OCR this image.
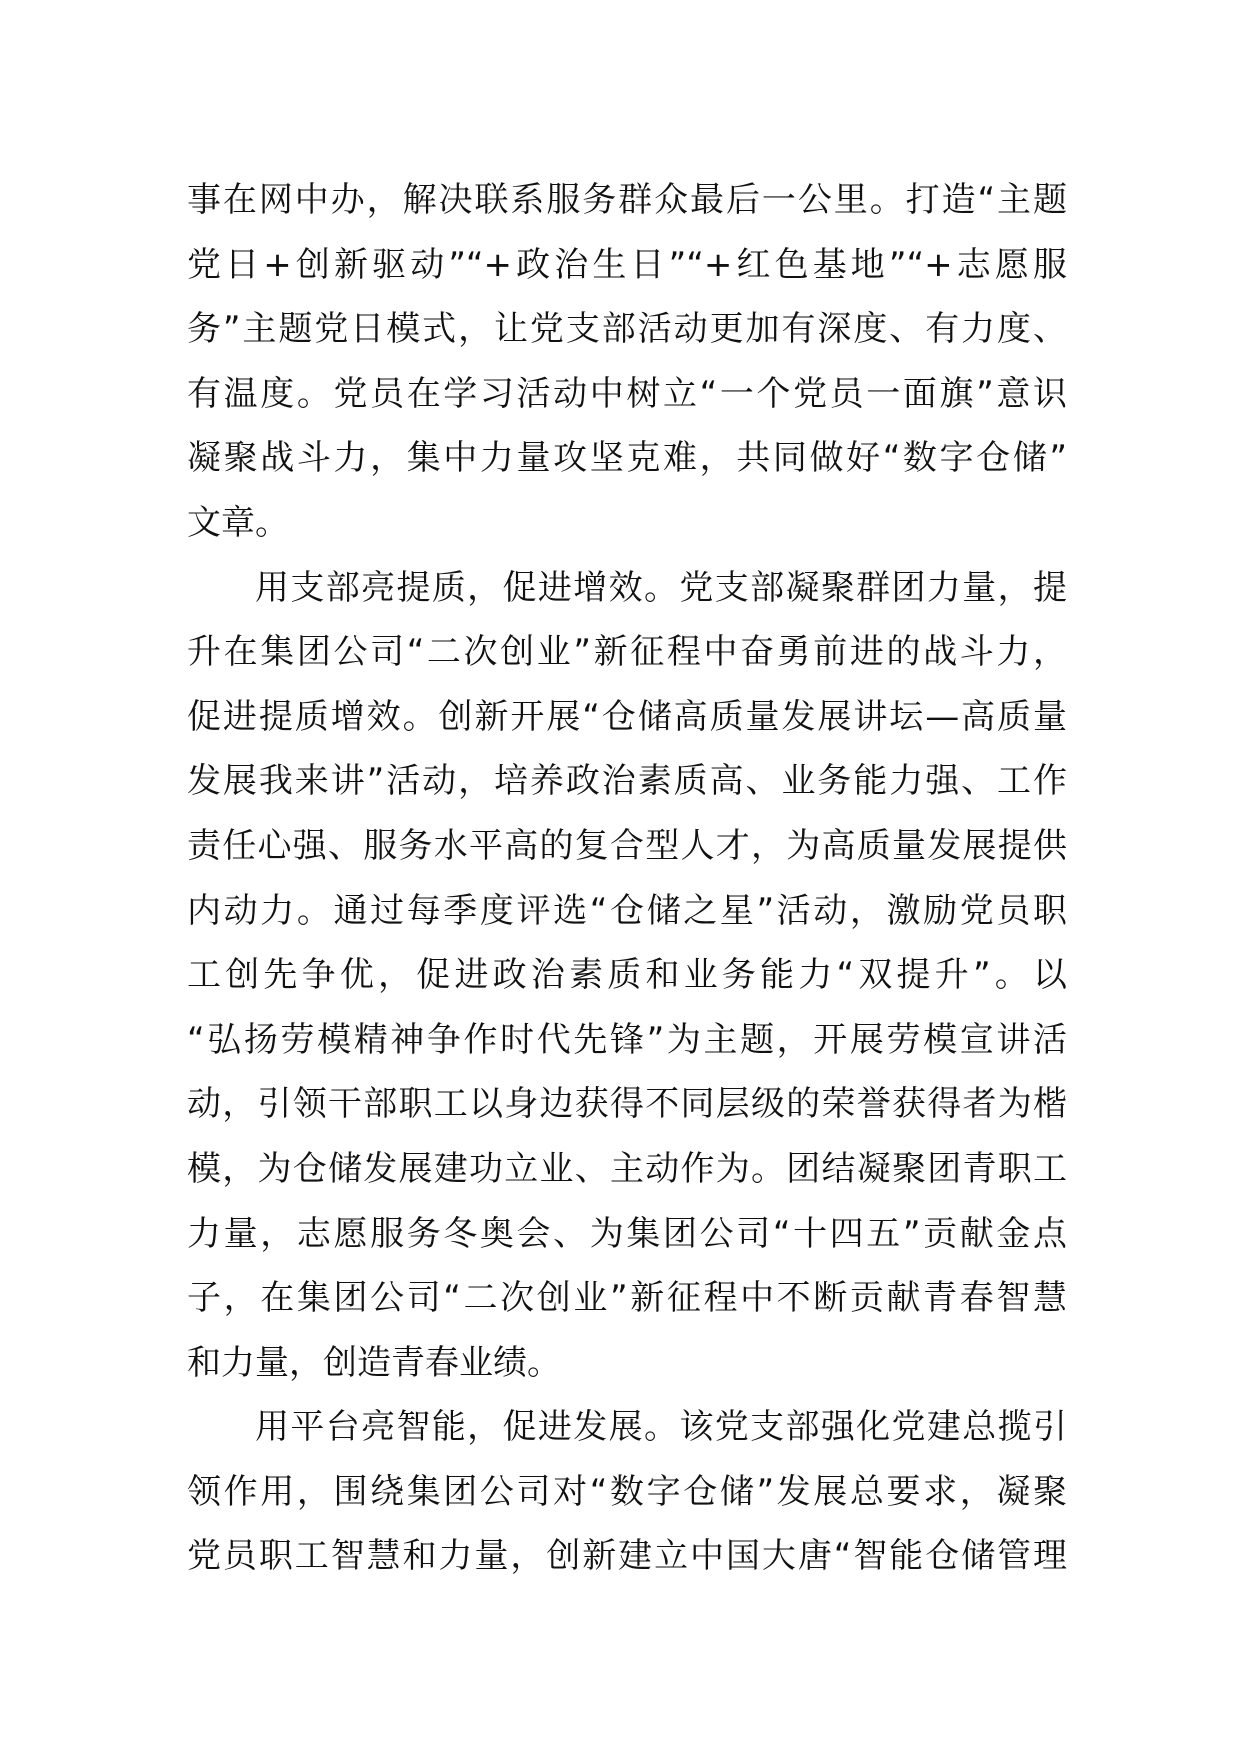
事在网中办，解决联系服务群众最后一公里。打造“主题
党日+创新驱动”“+政治生日”“+红色基地”“+志愿服
务”主题党日模式，让党支部活动更加有深度、有力度、
有温度。党员在学习活动中树立“一个党员一面旗”意识
凝聚战斗力，集中力量攻坚克难，共同做好“数字仓储”
文章。
用支部亮提质，促进增效。党支部凝聚群团力量，提
升在集团公司“二次创业”新征程中奋勇前进的战斗力，
促进提质增效。创新开展“仓储高质量发展讲坛—高质量
发展我来讲”活动，培养政治素质高、业务能力强、工作
责任心强、服务水平高的复合型人才，为高质量发展提供
内动力。通过每季度评选“仓储之星”活动，激励党员职
工创先争优，促进政治素质和业务能力“双提升”。以
“弘扬劳模精神争作时代先锋”为主题，开展劳模宣讲活
动，引领干部职工以身边获得不同层级的荣誉获得者为楷
模，为仓储发展建功立业、主动作为。团结凝聚团青职工
力量，志愿服务冬奥会、为集团公司“十四五”贡献金点
子，在集团公司“二次创业”新征程中不断贡献青春智慧
和力量，创造青春业绩。
用平台亮智能，促进发展。该党支部强化党建总揽引
领作用，围绕集团公司对“数字仓储”发展总要求，凝聚
党员职工智慧和力量，创新建立中国大唐“智能仓储管理
